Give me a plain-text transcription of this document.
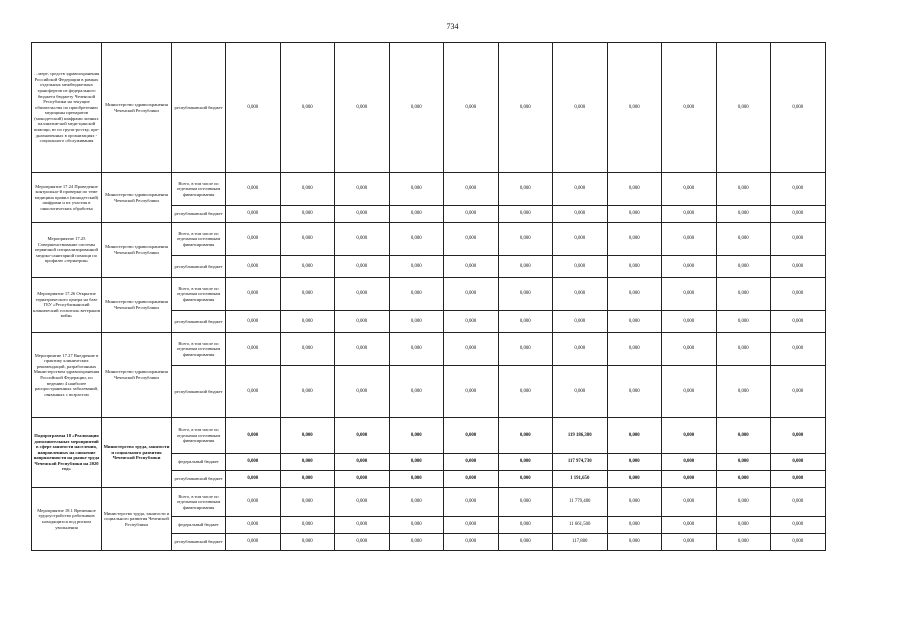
734
…мере, средств здравоохранения Российской Федерации в рамках отдельных межбюджетных трансфертов из федерального бюджета бюджету Чеченской Республики на текущие обязательства по приобретению медицины препаратов (монодетский) шифрами личных паллиатив-ной меди-цинской помощи, вт по групп-ростку, пре-дназначенных в организациях - социального обслуживания	Министерство здравоохранения Чеченской Республики	республиканский бюджет	0,000	0,000	0,000	0,000	0,000	0,000	0,000	0,000	0,000	0,000	0,000
Мероприятие 17.24 Проведение контрольно-й проверки по теме медицина правил (монодетский) шифрами и их участия в онкологических обработка	Министерство здравоохранения Чеченской Республики	Всего, в том числе по отдельным источникам финансирования	0,000	0,000	0,000	0,000	0,000	0,000	0,000	0,000	0,000	0,000	0,000
		республиканский бюджет	0,000	0,000	0,000	0,000	0,000	0,000	0,000	0,000	0,000	0,000	0,000
Мероприятие 17.25 Совершенствование системы первичной специализированной медико-санитарной помощи по профилю «гериатрия»	Министерство здравоохранения Чеченской Республики	Всего, в том числе по отдельным источникам финансирования	0,000	0,000	0,000	0,000	0,000	0,000	0,000	0,000	0,000	0,000	0,000
		республиканский бюджет	0,000	0,000	0,000	0,000	0,000	0,000	0,000	0,000	0,000	0,000	0,000
Мероприятие 17.26 Открытие гериатрического центра на базе ГБУ «Республиканский клинический госпиталь ветеранов войн»	Министерство здравоохранения Чеченской Республики	Всего, в том числе по отдельным источникам финансирования	0,000	0,000	0,000	0,000	0,000	0,000	0,000	0,000	0,000	0,000	0,000
		республиканский бюджет	0,000	0,000	0,000	0,000	0,000	0,000	0,000	0,000	0,000	0,000	0,000
Мероприятие 17.27 Внедрение в практику клинических рекомендаций, разработанных Министерством здравоохранения Российской Федерации, по ведению 4 наиболее распространенных заболеваний, связанных с возрастом	Министерство здравоохранения Чеченской Республики	Всего, в том числе по отдельным источникам финансирования	0,000	0,000	0,000	0,000	0,000	0,000	0,000	0,000	0,000	0,000	0,000
		республиканский бюджет	0,000	0,000	0,000	0,000	0,000	0,000	0,000	0,000	0,000	0,000	0,000
Подпрограмма 18 «Реализация дополнительных мероприятий в сфере занятости населения, направленных на снижение напряженности на рынке труда Чеченской Республики на 2020 год»	Министерство труда, занятости и социального развития Чеченской Республики	Всего, в том числе по отдельным источникам финансирования	0,000	0,000	0,000	0,000	0,000	0,000	119 186,380	0,000	0,000	0,000	0,000
		федеральный бюджет	0,000	0,000	0,000	0,000	0,000	0,000	117 974,730	0,000	0,000	0,000	0,000
		республиканский бюджет	0,000	0,000	0,000	0,000	0,000	0,000	1 191,650	0,000	0,000	0,000	0,000
Мероприятие 18.1 Временное трудоустройство работников находящихся под риском увольнения	Министерство труда, занятости и социального развития Чеченской Республики	Всего, в том числе по отдельным источникам финансирования	0,000	0,000	0,000	0,000	0,000	0,000	11 779,480	0,000	0,000	0,000	0,000
		федеральный бюджет	0,000	0,000	0,000	0,000	0,000	0,000	11 661,500	0,000	0,000	0,000	0,000
		республиканский бюджет	0,000	0,000	0,000	0,000	0,000	0,000	117,880	0,000	0,000	0,000	0,000
